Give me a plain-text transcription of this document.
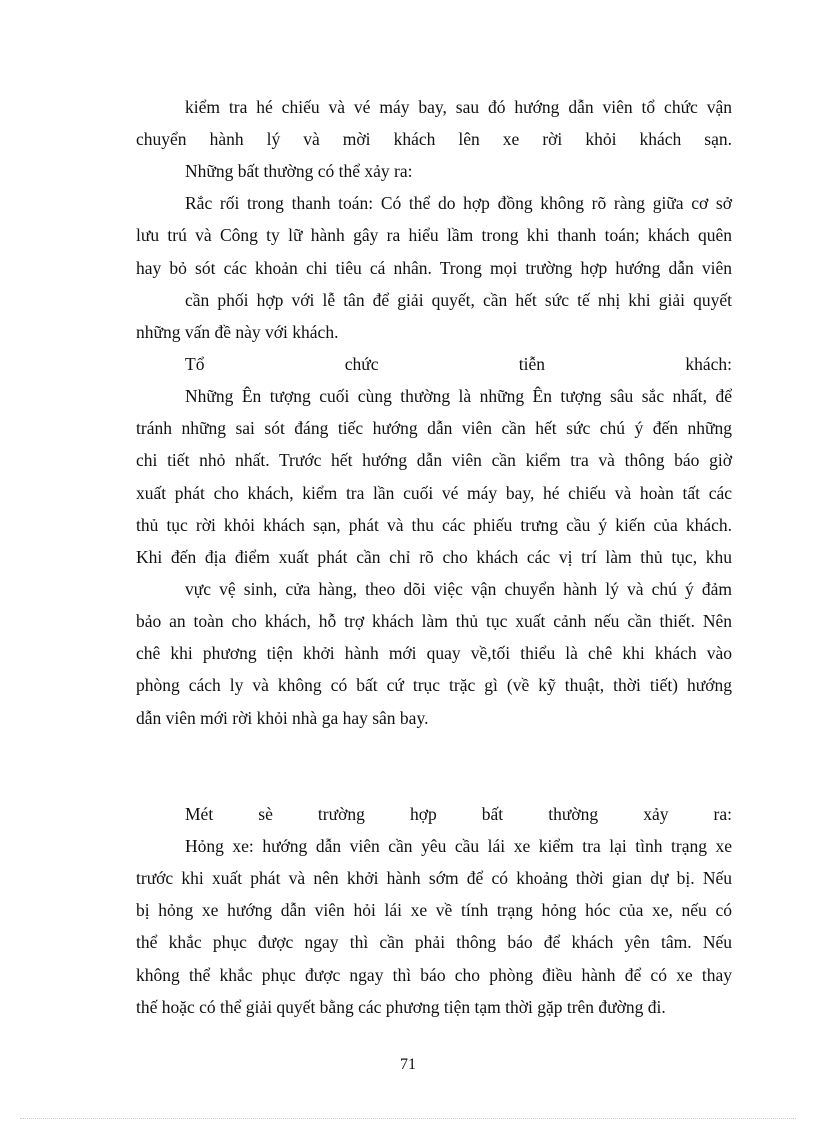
kiểm tra hé chiếu và vé máy bay, sau đó hướng dẫn viên tổ chức vận
chuyển hành lý và mời khách lên xe rời khỏi khách sạn.
Những bất thường có thể xảy ra:
Rắc rối trong thanh toán: Có thể do hợp đồng không rõ ràng giữa cơ sở
lưu trú và Công ty lữ hành gây ra hiểu lầm trong khi thanh toán; khách quên
hay bỏ sót các khoản chi tiêu cá nhân. Trong mọi trường hợp hướng dẫn viên
cần phối hợp với lễ tân để giải quyết, cần hết sức tế nhị khi giải quyết
những vấn đề này với khách.
Tổ chức tiễn khách:
Những Ên tượng cuối cùng thường là những Ên tượng sâu sắc nhất, để
tránh những sai sót đáng tiếc hướng dẫn viên cần hết sức chú ý đến những
chi tiết nhỏ nhất. Trước hết hướng dẫn viên cần kiểm tra và thông báo giờ
xuất phát cho khách, kiểm tra lần cuối vé máy bay, hé chiếu và hoàn tất các
thủ tục rời khỏi khách sạn, phát và thu các phiếu trưng cầu ý kiến của khách.
Khi đến địa điểm xuất phát cần chỉ rõ cho khách các vị trí làm thủ tục, khu
vực vệ sinh, cửa hàng, theo dõi việc vận chuyển hành lý và chú ý đảm
bảo an toàn cho khách, hỗ trợ khách làm thủ tục xuất cảnh nếu cần thiết. Nên
chê khi phương tiện khởi hành mới quay về,tối thiểu là chê khi khách vào
phòng cách ly và không có bất cứ trục trặc gì (về kỹ thuật, thời tiết) hướng
dẫn viên mới rời khỏi nhà ga hay sân bay.
Mét sè trường hợp bất thường xảy ra:
Hỏng xe: hướng dẫn viên cần yêu cầu lái xe kiểm tra lại tình trạng xe
trước khi xuất phát và nên khởi hành sớm để có khoảng thời gian dự bị. Nếu
bị hỏng xe hướng dẫn viên hỏi lái xe về tính trạng hỏng hóc của xe, nếu có
thể khắc phục được ngay thì cần phải thông báo để khách yên tâm. Nếu
không thể khắc phục được ngay thì báo cho phòng điều hành để có xe thay
thế hoặc có thể giải quyết bằng các phương tiện tạm thời gặp trên đường đi.
71
